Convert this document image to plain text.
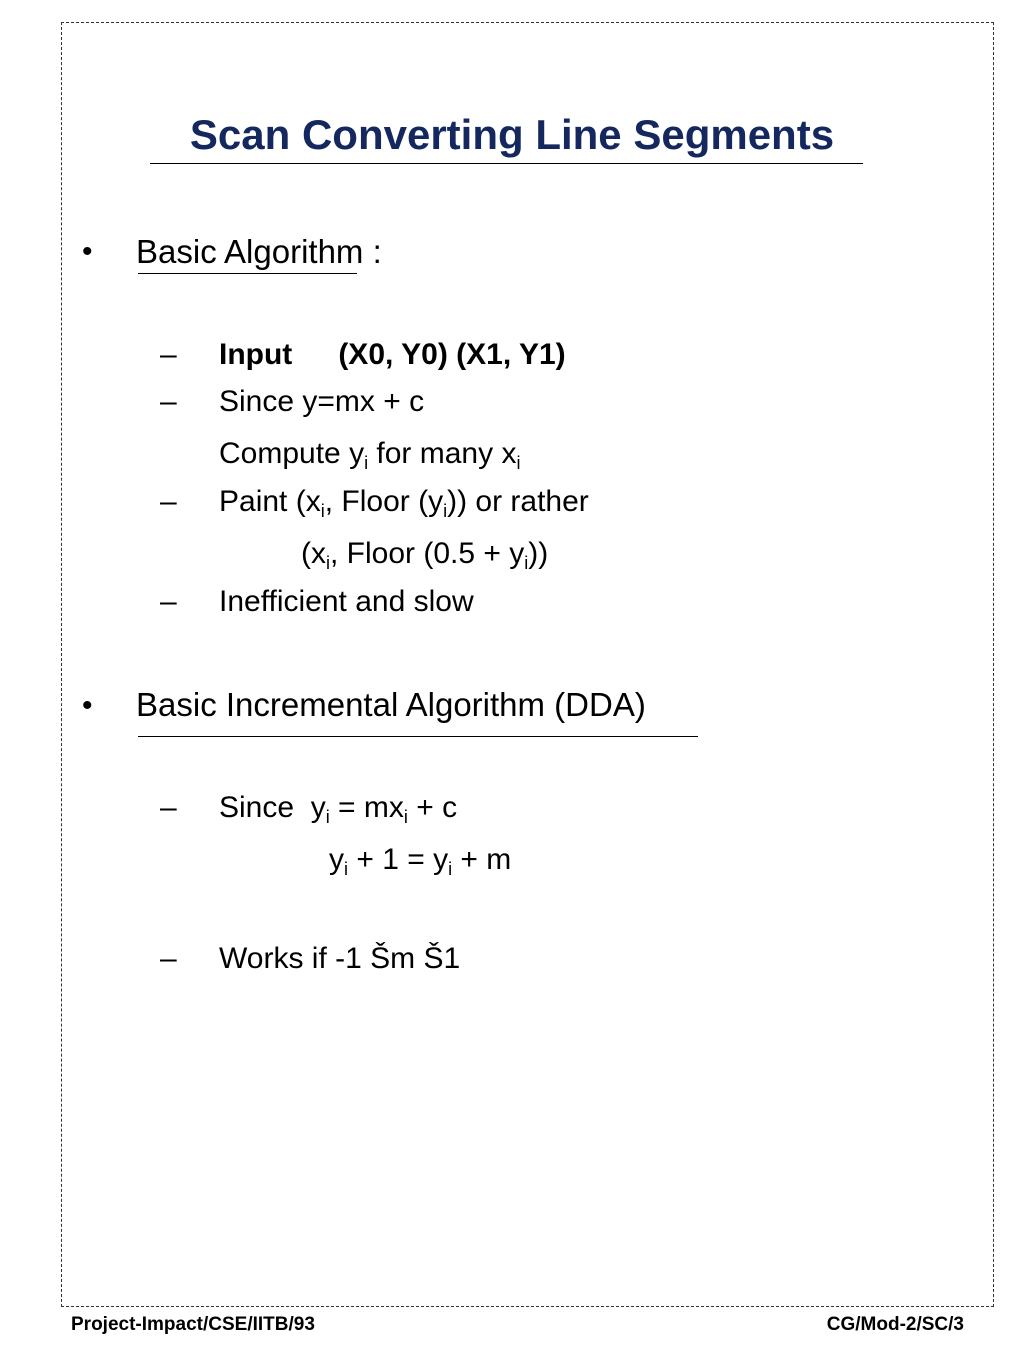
Scan Converting Line Segments
• Basic Algorithm :
– Input (X0, Y0) (X1, Y1)
– Since y=mx + c
Compute $y_i$ for many $x_i$
– Paint ($x_i$, Floor $(y_i)$) or rather
($x_i$, Floor $(0.5 + y_i)$)
– Inefficient and slow
• Basic Incremental Algorithm (DDA)
– Since  $y_i = mx_i + c$
$y_i + 1 = y_i + m$
– Works if -1 Šm Š1
Project-Impact/CSE/IITB/93	CG/Mod-2/SC/3
